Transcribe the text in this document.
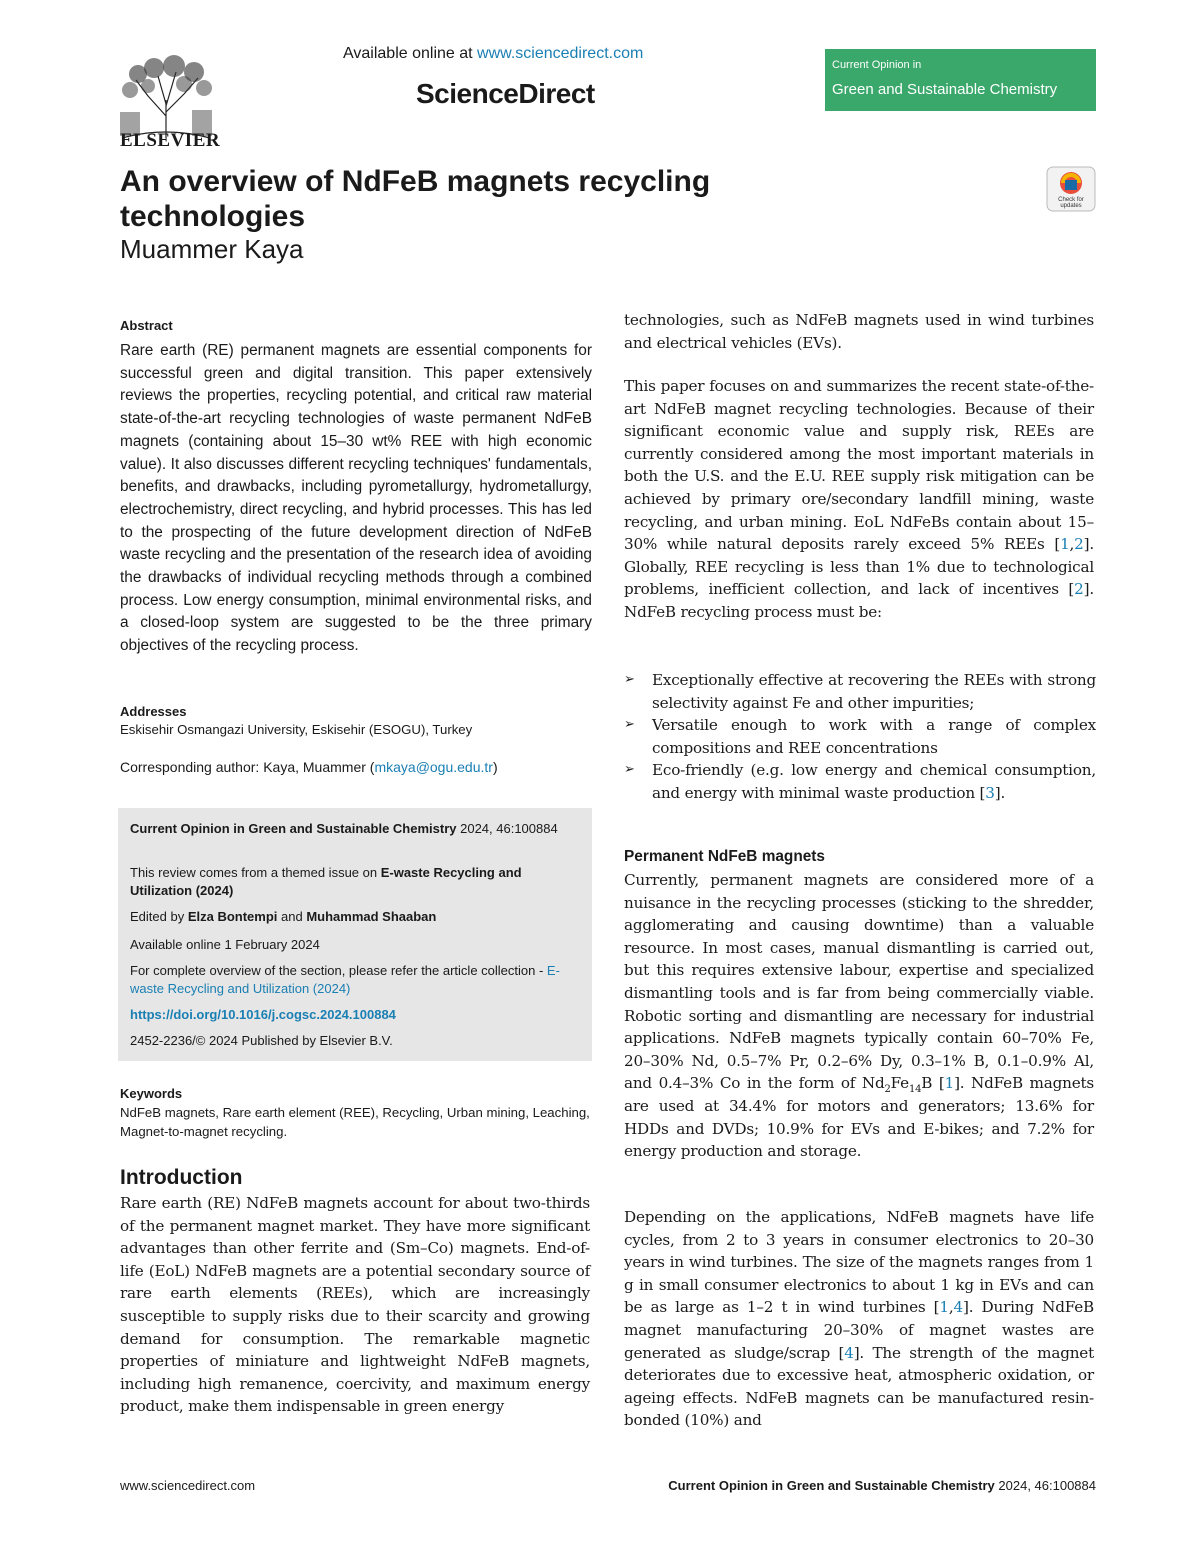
ELSEVIER
Available online at www.sciencedirect.com
ScienceDirect
Current Opinion in
Green and Sustainable Chemistry
An overview of NdFeB magnets recycling technologies
Muammer Kaya
Check for updates
Abstract
Rare earth (RE) permanent magnets are essential components for successful green and digital transition. This paper extensively reviews the properties, recycling potential, and critical raw material state-of-the-art recycling technologies of waste permanent NdFeB magnets (containing about 15–30 wt% REE with high economic value). It also discusses different recycling techniques' fundamentals, benefits, and drawbacks, including pyrometallurgy, hydrometallurgy, electrochemistry, direct recycling, and hybrid processes. This has led to the prospecting of the future development direction of NdFeB waste recycling and the presentation of the research idea of avoiding the drawbacks of individual recycling methods through a combined process. Low energy consumption, minimal environmental risks, and a closed-loop system are suggested to be the three primary objectives of the recycling process.
Addresses
Eskisehir Osmangazi University, Eskisehir (ESOGU), Turkey
Corresponding author: Kaya, Muammer (mkaya@ogu.edu.tr)
Current Opinion in Green and Sustainable Chemistry 2024, 46:100884
This review comes from a themed issue on E-waste Recycling and Utilization (2024)
Edited by Elza Bontempi and Muhammad Shaaban
Available online 1 February 2024
For complete overview of the section, please refer the article collection - E-waste Recycling and Utilization (2024)
https://doi.org/10.1016/j.cogsc.2024.100884
2452-2236/© 2024 Published by Elsevier B.V.
Keywords
NdFeB magnets, Rare earth element (REE), Recycling, Urban mining, Leaching, Magnet-to-magnet recycling.
Introduction
Rare earth (RE) NdFeB magnets account for about two-thirds of the permanent magnet market. They have more significant advantages than other ferrite and (Sm–Co) magnets. End-of-life (EoL) NdFeB magnets are a potential secondary source of rare earth elements (REEs), which are increasingly susceptible to supply risks due to their scarcity and growing demand for consumption. The remarkable magnetic properties of miniature and lightweight NdFeB magnets, including high remanence, coercivity, and maximum energy product, make them indispensable in green energy
technologies, such as NdFeB magnets used in wind turbines and electrical vehicles (EVs).
This paper focuses on and summarizes the recent state-of-the-art NdFeB magnet recycling technologies. Because of their significant economic value and supply risk, REEs are currently considered among the most important materials in both the U.S. and the E.U. REE supply risk mitigation can be achieved by primary ore/secondary landfill mining, waste recycling, and urban mining. EoL NdFeBs contain about 15–30% while natural deposits rarely exceed 5% REEs [1,2]. Globally, REE recycling is less than 1% due to technological problems, inefficient collection, and lack of incentives [2]. NdFeB recycling process must be:
➢ Exceptionally effective at recovering the REEs with strong selectivity against Fe and other impurities;
➢ Versatile enough to work with a range of complex compositions and REE concentrations
➢ Eco-friendly (e.g. low energy and chemical consumption, and energy with minimal waste production [3].
Permanent NdFeB magnets
Currently, permanent magnets are considered more of a nuisance in the recycling processes (sticking to the shredder, agglomerating and causing downtime) than a valuable resource. In most cases, manual dismantling is carried out, but this requires extensive labour, expertise and specialized dismantling tools and is far from being commercially viable. Robotic sorting and dismantling are necessary for industrial applications. NdFeB magnets typically contain 60–70% Fe, 20–30% Nd, 0.5–7% Pr, 0.2–6% Dy, 0.3–1% B, 0.1–0.9% Al, and 0.4–3% Co in the form of $Nd_2Fe_{14}B$ [1]. NdFeB magnets are used at 34.4% for motors and generators; 13.6% for HDDs and DVDs; 10.9% for EVs and E-bikes; and 7.2% for energy production and storage.
Depending on the applications, NdFeB magnets have life cycles, from 2 to 3 years in consumer electronics to 20–30 years in wind turbines. The size of the magnets ranges from 1 g in small consumer electronics to about 1 kg in EVs and can be as large as 1–2 t in wind turbines [1,4]. During NdFeB magnet manufacturing 20–30% of magnet wastes are generated as sludge/scrap [4]. The strength of the magnet deteriorates due to excessive heat, atmospheric oxidation, or ageing effects. NdFeB magnets can be manufactured resin-bonded (10%) and
www.sciencedirect.com	Current Opinion in Green and Sustainable Chemistry 2024, 46:100884
